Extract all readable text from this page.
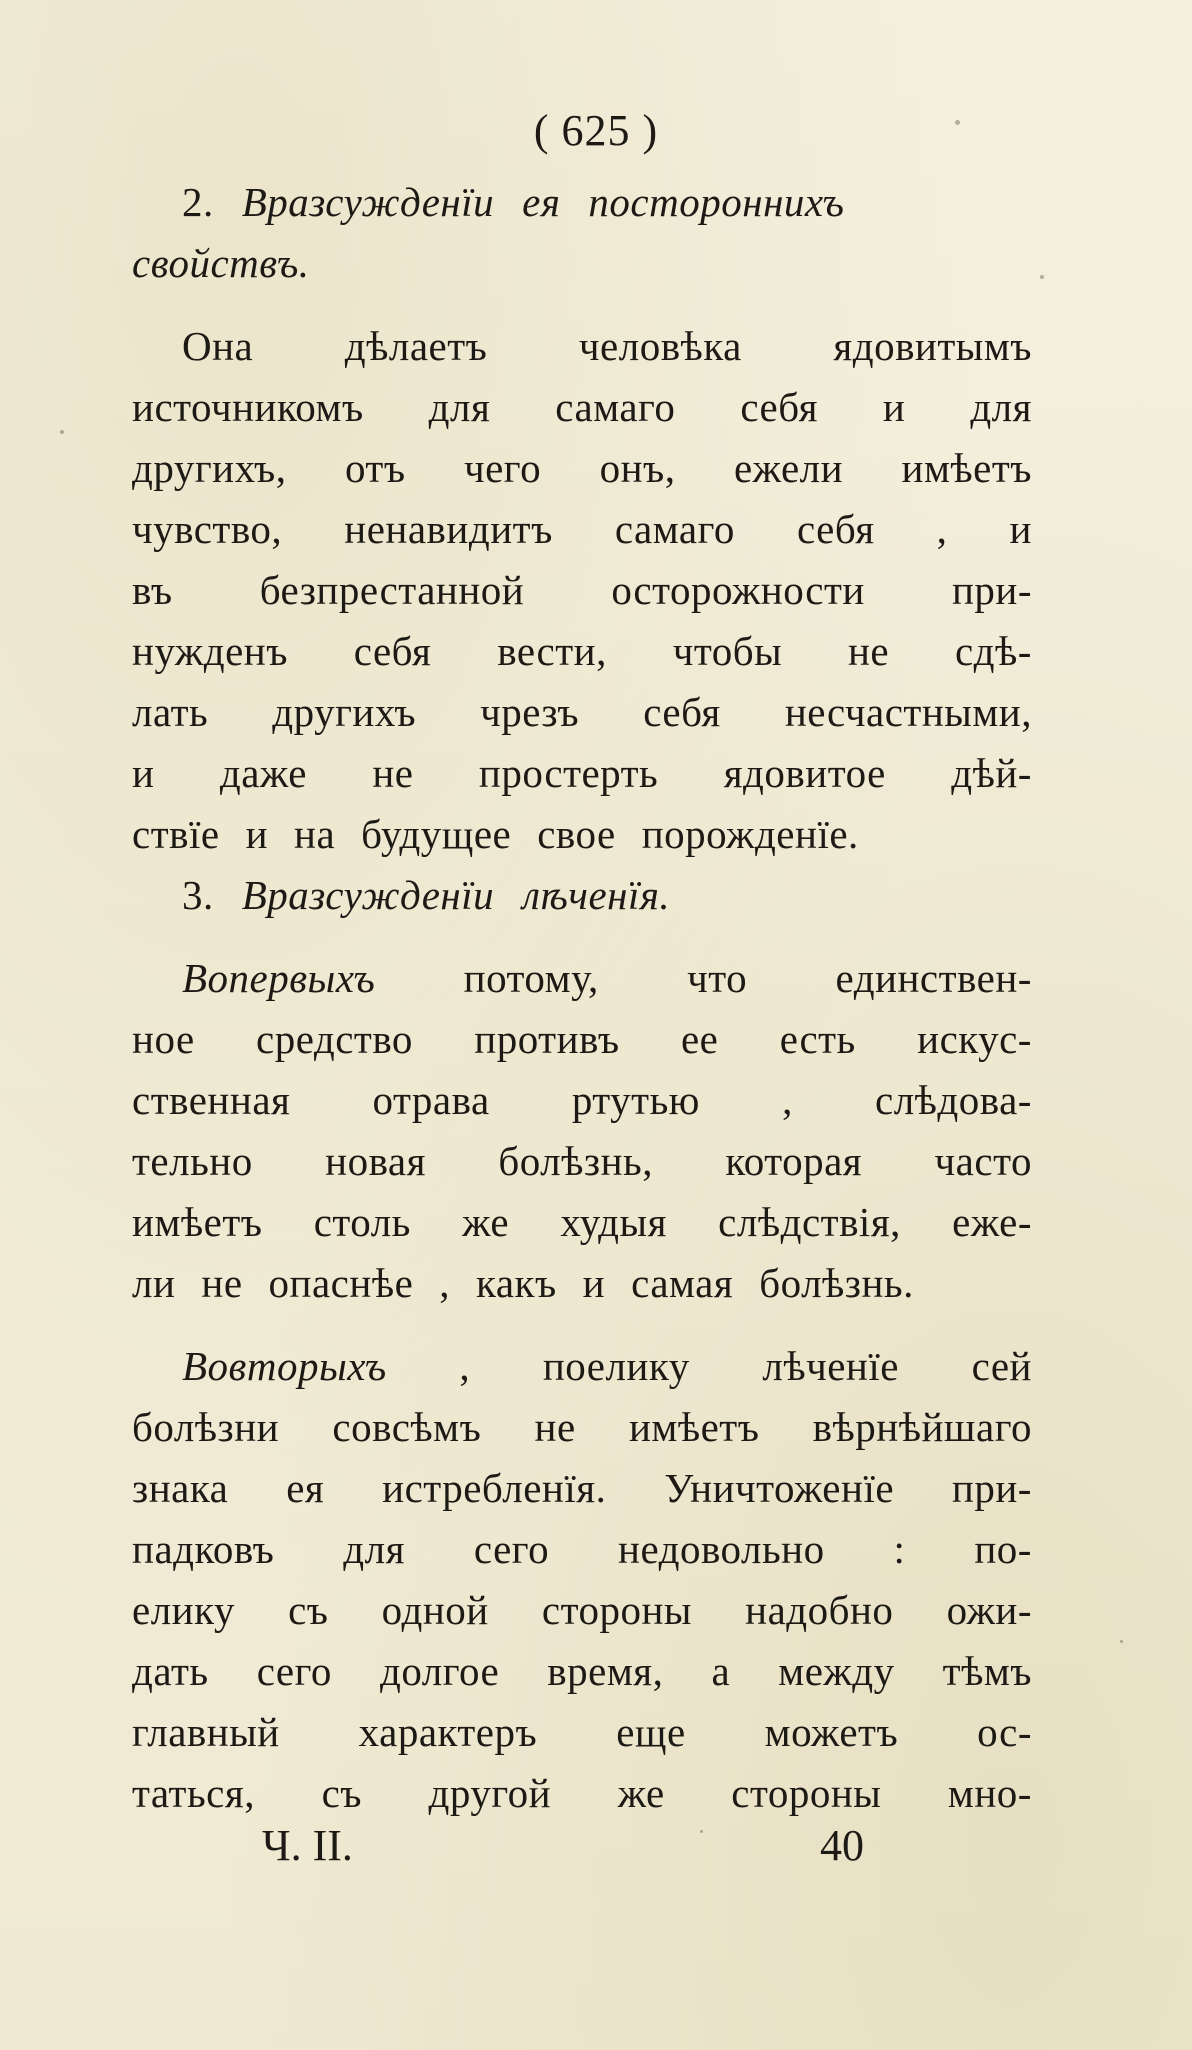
( 625 )
2. Вразсужденїи ея постороннихъ
свойствъ.
Она дѣлаетъ человѣка ядовитымъ
источникомъ для самаго себя и для
другихъ, отъ чего онъ, ежели имѣетъ
чувство, ненавидитъ самаго себя , и
въ безпрестанной осторожности при-
нужденъ себя вести, чтобы не сдѣ-
лать другихъ чрезъ себя несчастными,
и даже не простерть ядовитое дѣй-
ствїе и на будущее свое порожденїе.
3. Вразсужденїи лѣченїя.
Вопервыхъ потому, что единствен-
ное средство противъ ее есть искус-
ственная отрава ртутью , слѣдова-
тельно новая болѣзнь, которая часто
имѣетъ столь же худыя слѣдствія, еже-
ли не опаснѣе , какъ и самая болѣзнь.
Вовторыхъ , поелику лѣченїе сей
болѣзни совсѣмъ не имѣетъ вѣрнѣйшаго
знака ея истребленїя. Уничтоженїе при-
падковъ для сего недовольно : по-
елику съ одной стороны надобно ожи-
дать сего долгое время, а между тѣмъ
главный характеръ еще можетъ ос-
таться, съ другой же стороны мно-
Ч. II.	40
